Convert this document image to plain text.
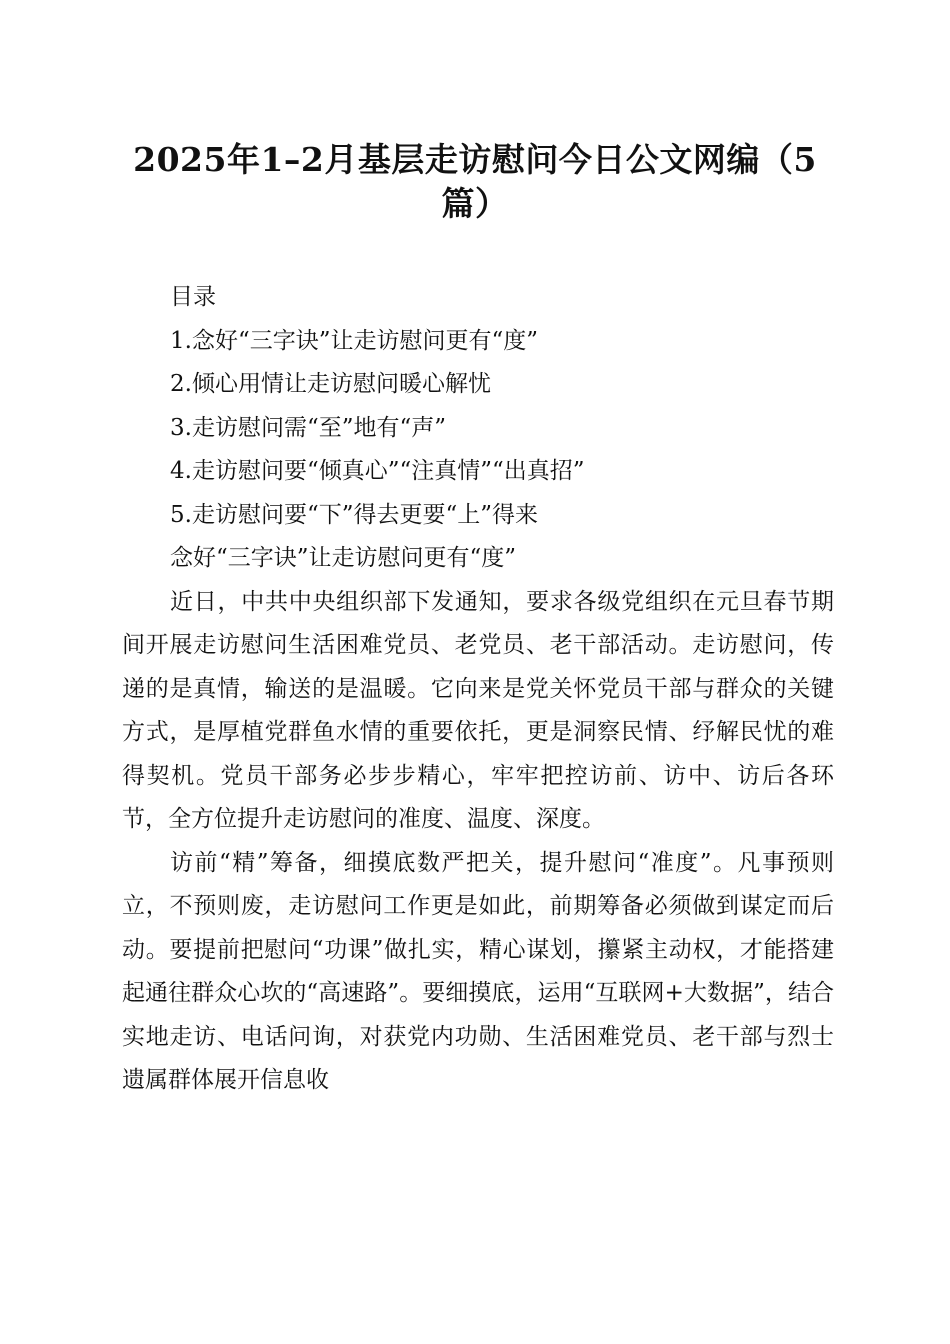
2025年1–2月基层走访慰问今日公文网编（5篇）

目录

1.念好“三字诀”让走访慰问更有“度”

2.倾心用情让走访慰问暖心解忧

3.走访慰问需“至”地有“声”

4.走访慰问要“倾真心”“注真情”“出真招”

5.走访慰问要“下”得去更要“上”得来

念好“三字诀”让走访慰问更有“度”

近日，中共中央组织部下发通知，要求各级党组织在元旦春节期间开展走访慰问生活困难党员、老党员、老干部活动。走访慰问，传递的是真情，输送的是温暖。它向来是党关怀党员干部与群众的关键方式，是厚植党群鱼水情的重要依托，更是洞察民情、纾解民忧的难得契机。党员干部务必步步精心，牢牢把控访前、访中、访后各环节，全方位提升走访慰问的准度、温度、深度。

访前“精”筹备，细摸底数严把关，提升慰问“准度”。凡事预则立，不预则废，走访慰问工作更是如此，前期筹备必须做到谋定而后动。要提前把慰问“功课”做扎实，精心谋划，攥紧主动权，才能搭建起通往群众心坎的“高速路”。要细摸底，运用“互联网+大数据”，结合实地走访、电话问询，对获党内功勋、生活困难党员、老干部与烈士遗属群体展开信息收
